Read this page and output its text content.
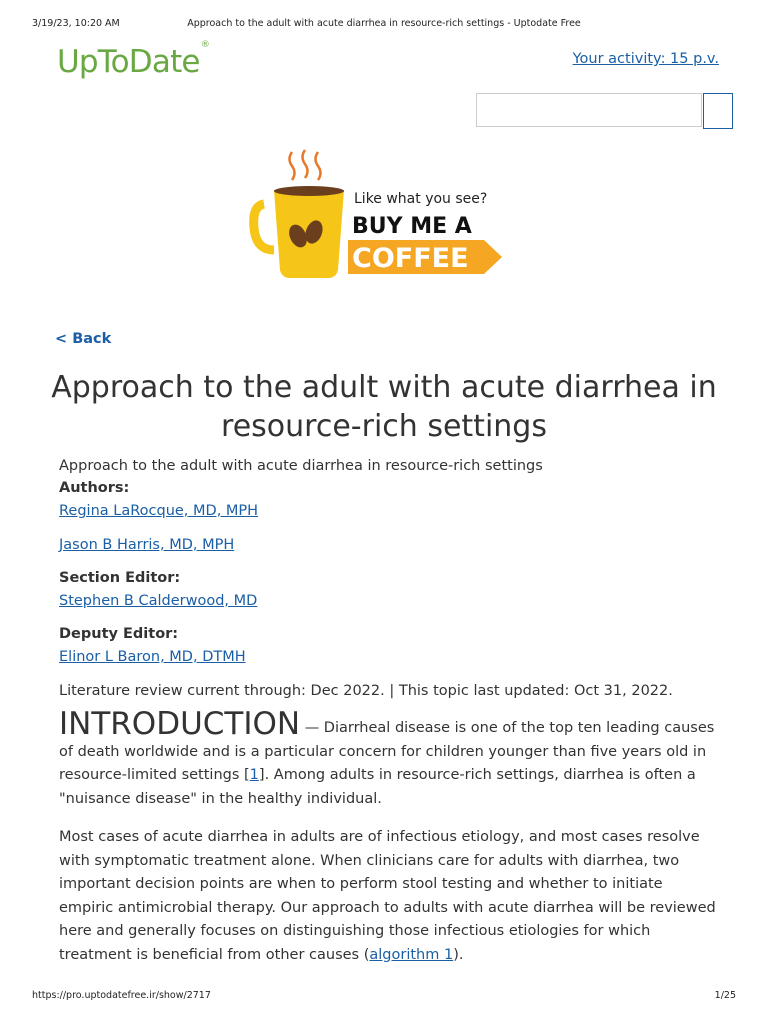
3/19/23, 10:20 AM	Approach to the adult with acute diarrhea in resource-rich settings - Uptodate Free
UpToDate®
Your activity: 15 p.v.
Like what you see?
BUY ME A
COFFEE
< Back
Approach to the adult with acute diarrhea in resource-rich settings
Approach to the adult with acute diarrhea in resource-rich settings
Authors:
Regina LaRocque, MD, MPH
Jason B Harris, MD, MPH
Section Editor:
Stephen B Calderwood, MD
Deputy Editor:
Elinor L Baron, MD, DTMH
Literature review current through: Dec 2022. | This topic last updated: Oct 31, 2022.
INTRODUCTION — Diarrheal disease is one of the top ten leading causes of death worldwide and is a particular concern for children younger than five years old in resource-limited settings [1]. Among adults in resource-rich settings, diarrhea is often a "nuisance disease" in the healthy individual.
Most cases of acute diarrhea in adults are of infectious etiology, and most cases resolve with symptomatic treatment alone. When clinicians care for adults with diarrhea, two important decision points are when to perform stool testing and whether to initiate empiric antimicrobial therapy. Our approach to adults with acute diarrhea will be reviewed here and generally focuses on distinguishing those infectious etiologies for which treatment is beneficial from other causes (algorithm 1).
https://pro.uptodatefree.ir/show/2717	1/25
